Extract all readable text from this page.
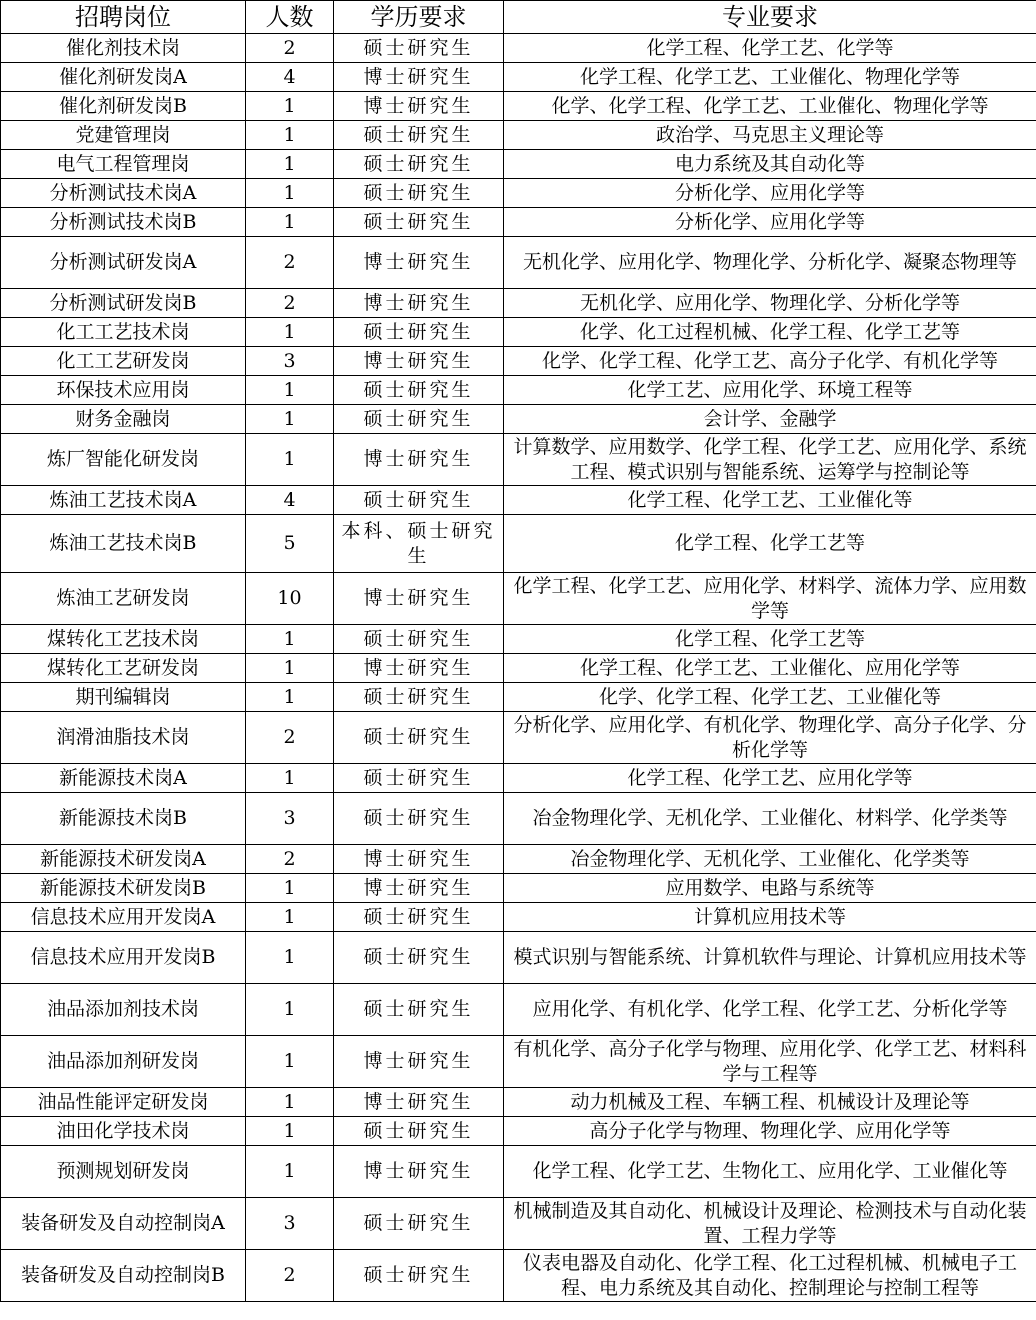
招聘岗位	人数	学历要求	专业要求
催化剂技术岗	2	硕士研究生	化学工程、化学工艺、化学等
催化剂研发岗A	4	博士研究生	化学工程、化学工艺、工业催化、物理化学等
催化剂研发岗B	1	博士研究生	化学、化学工程、化学工艺、工业催化、物理化学等
党建管理岗	1	硕士研究生	政治学、马克思主义理论等
电气工程管理岗	1	硕士研究生	电力系统及其自动化等
分析测试技术岗A	1	硕士研究生	分析化学、应用化学等
分析测试技术岗B	1	硕士研究生	分析化学、应用化学等
分析测试研发岗A	2	博士研究生	无机化学、应用化学、物理化学、分析化学、凝聚态物理等
分析测试研发岗B	2	博士研究生	无机化学、应用化学、物理化学、分析化学等
化工工艺技术岗	1	硕士研究生	化学、化工过程机械、化学工程、化学工艺等
化工工艺研发岗	3	博士研究生	化学、化学工程、化学工艺、高分子化学、有机化学等
环保技术应用岗	1	硕士研究生	化学工艺、应用化学、环境工程等
财务金融岗	1	硕士研究生	会计学、金融学
炼厂智能化研发岗	1	博士研究生	计算数学、应用数学、化学工程、化学工艺、应用化学、系统工程、模式识别与智能系统、运筹学与控制论等
炼油工艺技术岗A	4	硕士研究生	化学工程、化学工艺、工业催化等
炼油工艺技术岗B	5	本科、硕士研究生	化学工程、化学工艺等
炼油工艺研发岗	10	博士研究生	化学工程、化学工艺、应用化学、材料学、流体力学、应用数学等
煤转化工艺技术岗	1	硕士研究生	化学工程、化学工艺等
煤转化工艺研发岗	1	博士研究生	化学工程、化学工艺、工业催化、应用化学等
期刊编辑岗	1	硕士研究生	化学、化学工程、化学工艺、工业催化等
润滑油脂技术岗	2	硕士研究生	分析化学、应用化学、有机化学、物理化学、高分子化学、分析化学等
新能源技术岗A	1	硕士研究生	化学工程、化学工艺、应用化学等
新能源技术岗B	3	硕士研究生	冶金物理化学、无机化学、工业催化、材料学、化学类等
新能源技术研发岗A	2	博士研究生	冶金物理化学、无机化学、工业催化、化学类等
新能源技术研发岗B	1	博士研究生	应用数学、电路与系统等
信息技术应用开发岗A	1	硕士研究生	计算机应用技术等
信息技术应用开发岗B	1	硕士研究生	模式识别与智能系统、计算机软件与理论、计算机应用技术等
油品添加剂技术岗	1	硕士研究生	应用化学、有机化学、化学工程、化学工艺、分析化学等
油品添加剂研发岗	1	博士研究生	有机化学、高分子化学与物理、应用化学、化学工艺、材料科学与工程等
油品性能评定研发岗	1	博士研究生	动力机械及工程、车辆工程、机械设计及理论等
油田化学技术岗	1	硕士研究生	高分子化学与物理、物理化学、应用化学等
预测规划研发岗	1	博士研究生	化学工程、化学工艺、生物化工、应用化学、工业催化等
装备研发及自动控制岗A	3	硕士研究生	机械制造及其自动化、机械设计及理论、检测技术与自动化装置、工程力学等
装备研发及自动控制岗B	2	硕士研究生	仪表电器及自动化、化学工程、化工过程机械、机械电子工程、电力系统及其自动化、控制理论与控制工程等
